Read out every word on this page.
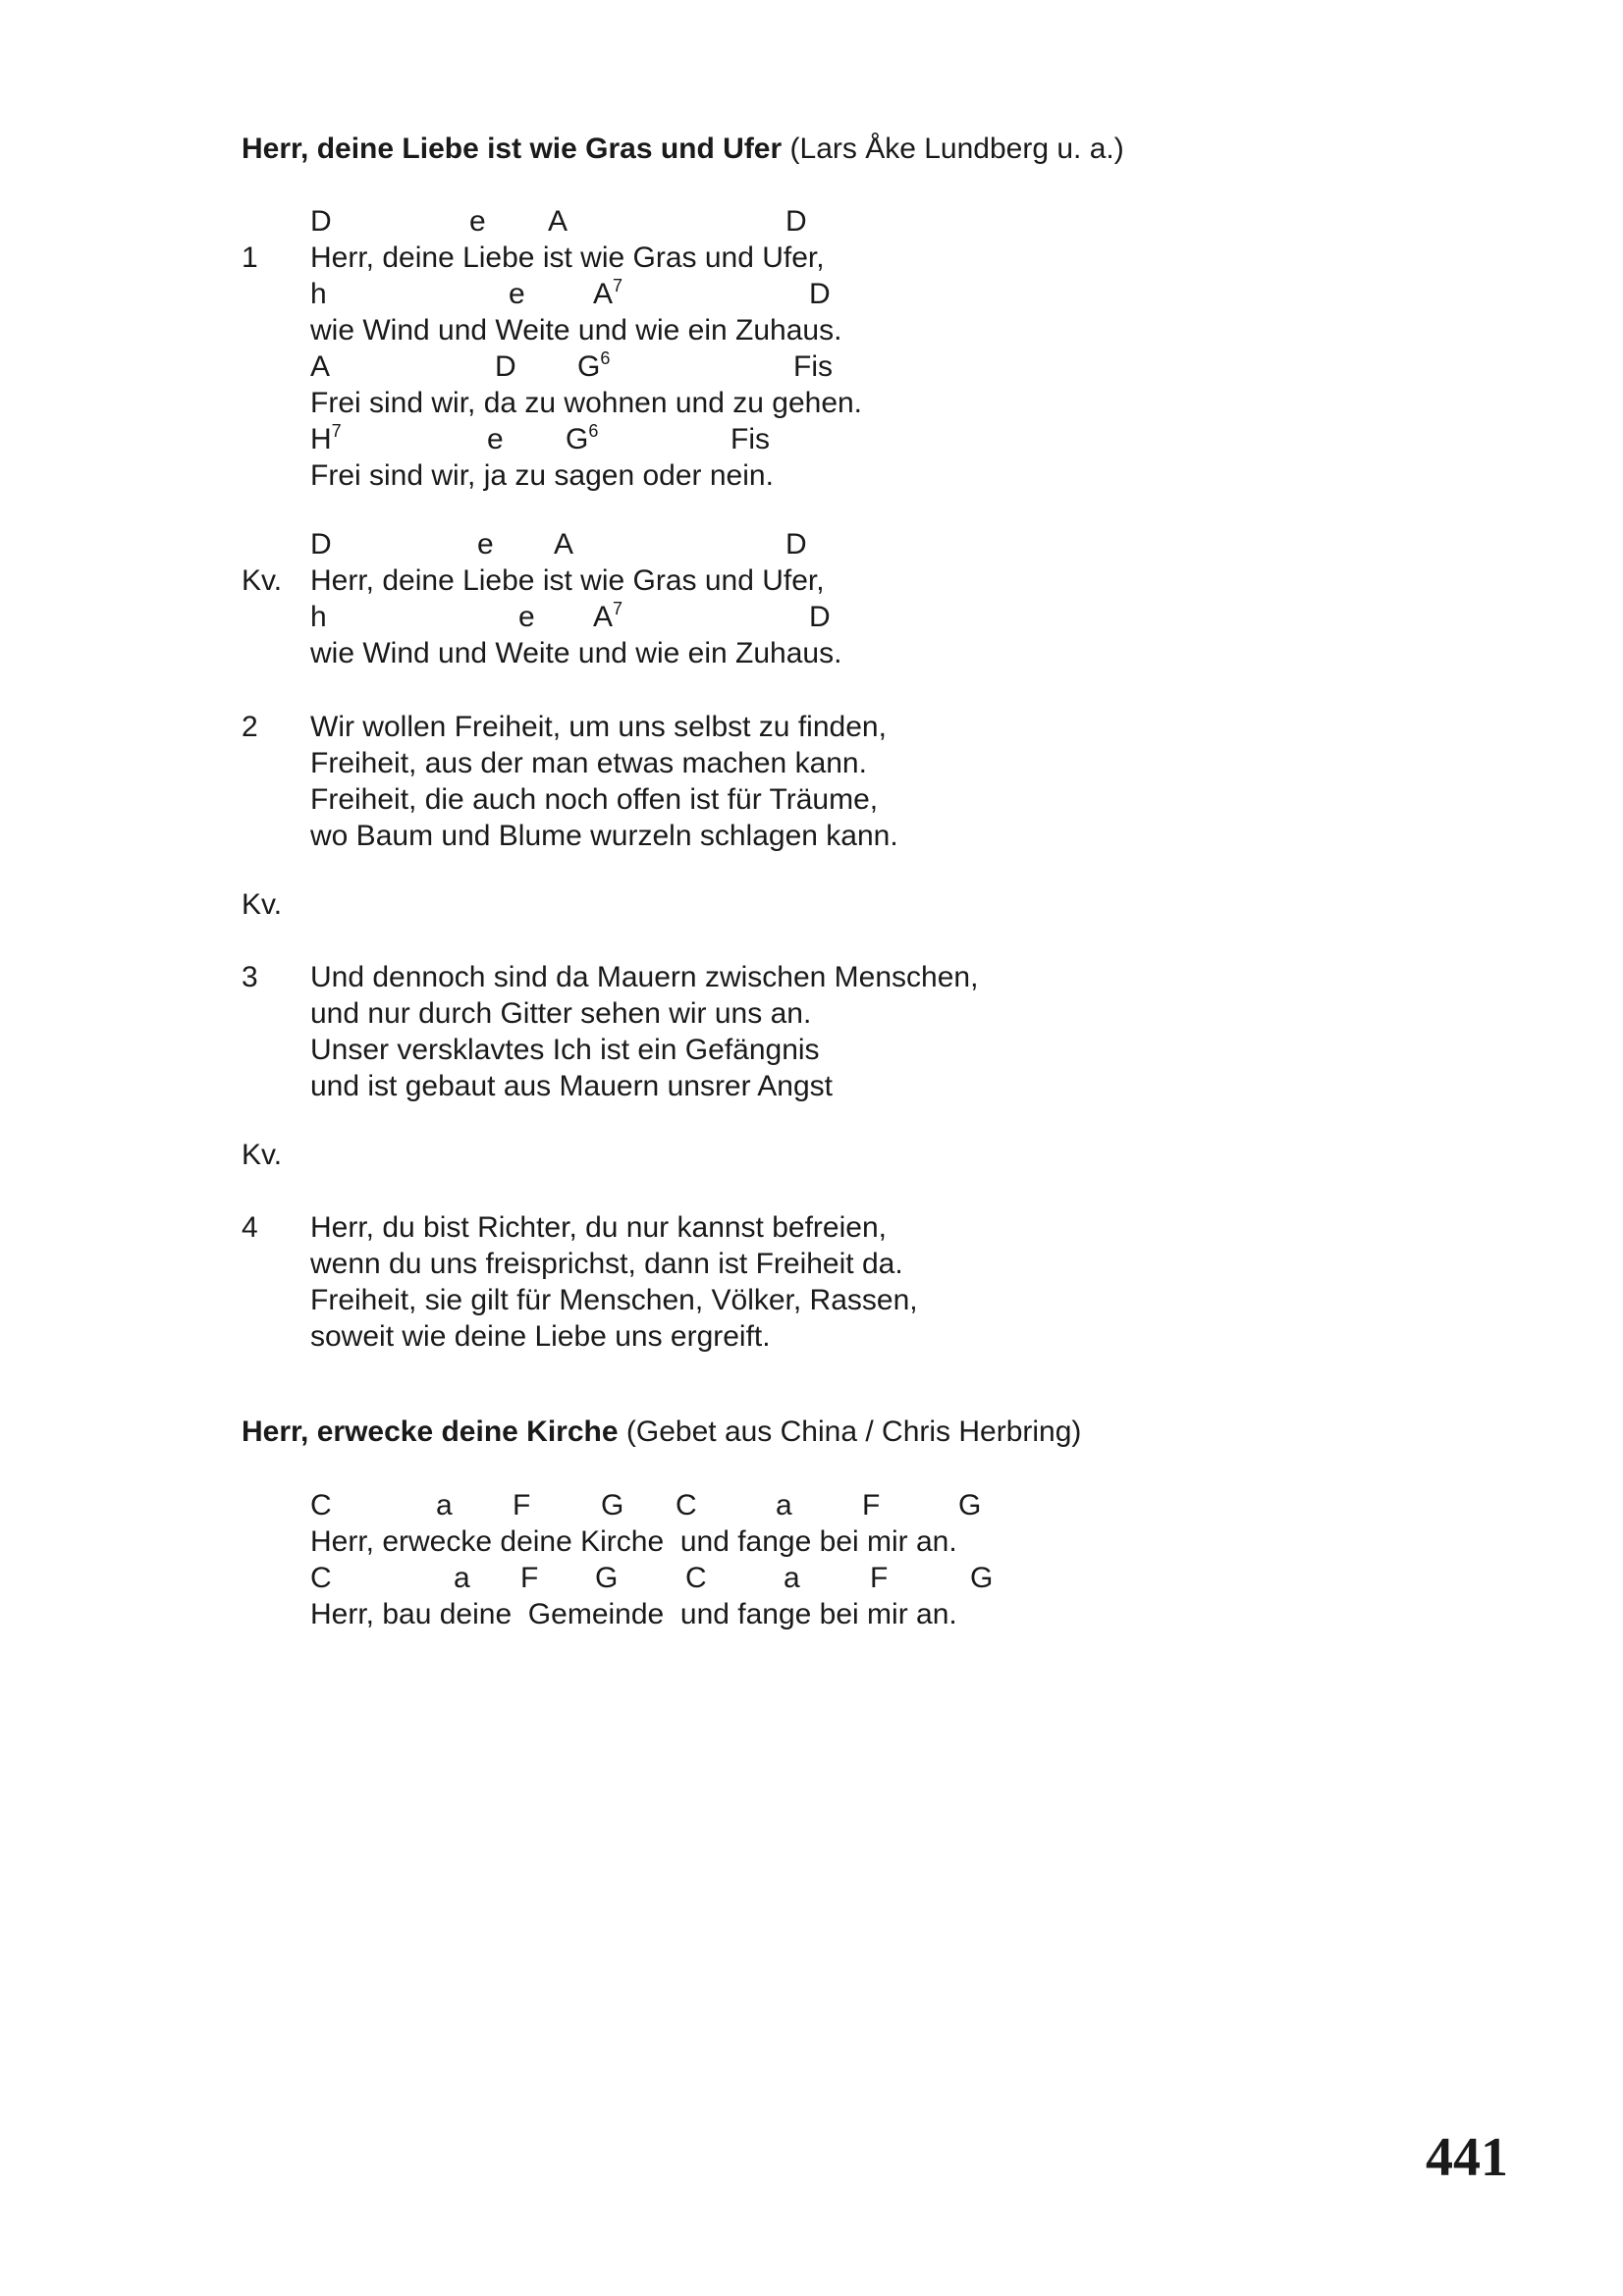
Herr, deine Liebe ist wie Gras und Ufer (Lars Åke Lundberg u. a.)
D	e A	D
1 Herr, deine Liebe ist wie Gras und Ufer,
h	e $A^7$	D
wie Wind und Weite und wie ein Zuhaus.
A	D $G^6$	Fis
Frei sind wir, da zu wohnen und zu gehen.
$H^7$	e $G^6$	Fis
Frei sind wir, ja zu sagen oder nein.
D	e A	D
Kv. Herr, deine Liebe ist wie Gras und Ufer,
h	e $A^7$	D
wie Wind und Weite und wie ein Zuhaus.
2 Wir wollen Freiheit, um uns selbst zu finden,
Freiheit, aus der man etwas machen kann.
Freiheit, die auch noch offen ist für Träume,
wo Baum und Blume wurzeln schlagen kann.
Kv.
3 Und dennoch sind da Mauern zwischen Menschen,
und nur durch Gitter sehen wir uns an.
Unser versklavtes Ich ist ein Gefängnis
und ist gebaut aus Mauern unsrer Angst
Kv.
4 Herr, du bist Richter, du nur kannst befreien,
wenn du uns freisprichst, dann ist Freiheit da.
Freiheit, sie gilt für Menschen, Völker, Rassen,
soweit wie deine Liebe uns ergreift.
Herr, erwecke deine Kirche (Gebet aus China / Chris Herbring)
C	a F G C	a F	G
Herr, erwecke deine Kirche  und fange bei mir an.
C	a F G C	a F	G
Herr, bau deine  Gemeinde  und fange bei mir an.
441
